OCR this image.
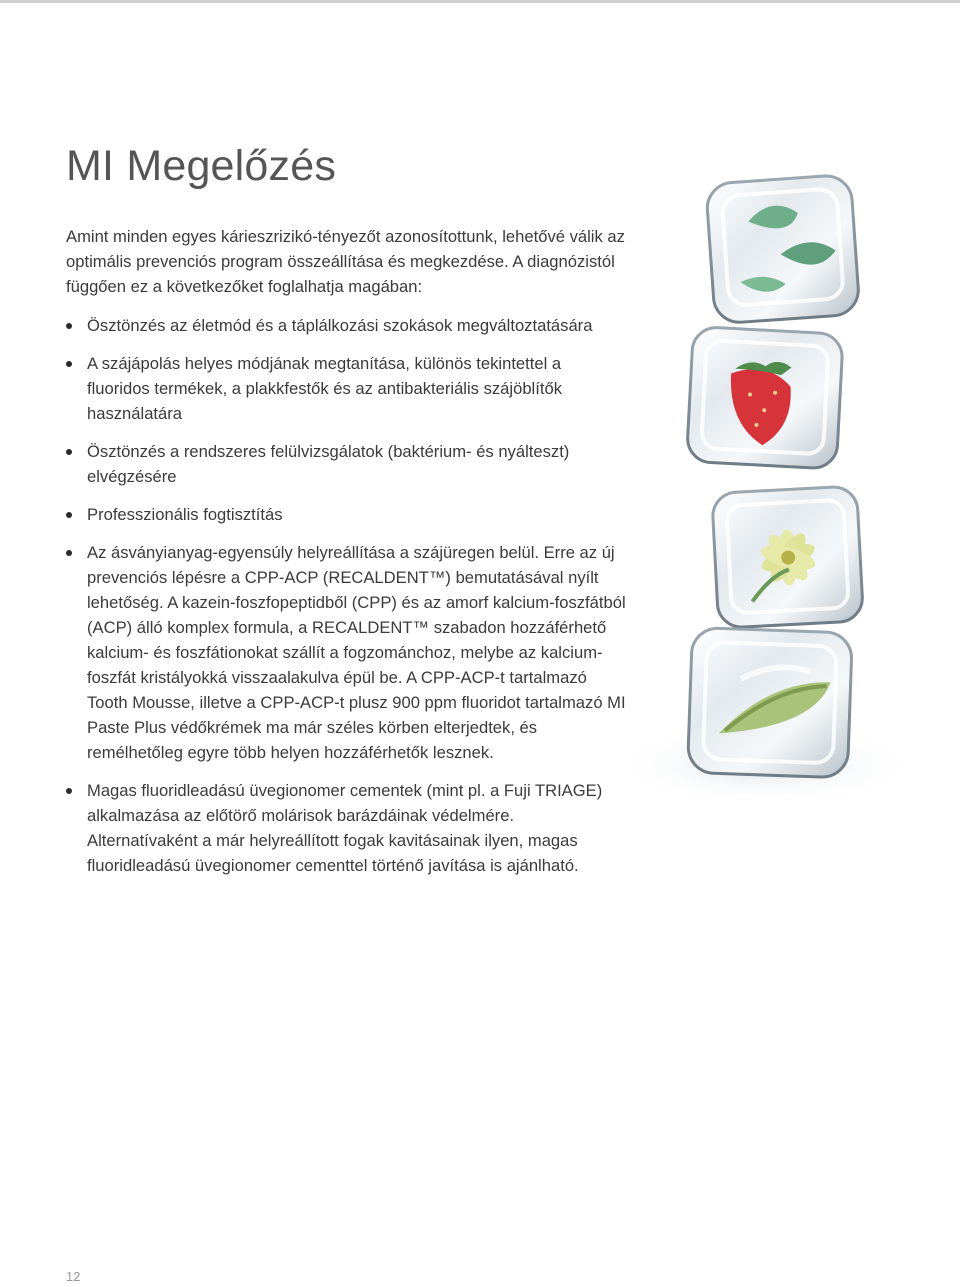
MI Megelőzés

Amint minden egyes kárieszrizikó-tényezőt azonosítottunk, lehetővé válik az optimális prevenciós program összeállítása és megkezdése. A diagnózistól függően ez a következőket foglalhatja magában:

Ösztönzés az életmód és a táplálkozási szokások megváltoztatására
A szájápolás helyes módjának megtanítása, különös tekintettel a fluoridos termékek, a plakkfestők és az antibakteriális szájöblítők használatára
Ösztönzés a rendszeres felülvizsgálatok (baktérium- és nyálteszt) elvégzésére
Professzionális fogtisztítás
Az ásványianyag-egyensúly helyreállítása a szájüregen belül. Erre az új prevenciós lépésre a CPP-ACP (RECALDENT™) bemutatásával nyílt lehetőség. A kazein-foszfopeptidből (CPP) és az amorf kalcium-foszfátból (ACP) álló komplex formula, a RECALDENT™ szabadon hozzáférhető kalcium- és foszfátionokat szállít a fogzománchoz, melybe az kalcium-foszfát kristályokká visszaalakulva épül be. A CPP-ACP-t tartalmazó Tooth Mousse, illetve a CPP-ACP-t plusz 900 ppm fluoridot tartalmazó MI Paste Plus védőkrémek ma már széles körben elterjedtek, és remélhetőleg egyre több helyen hozzáférhetők lesznek.
Magas fluoridleadású üvegionomer cementek (mint pl. a Fuji TRIAGE) alkalmazása az előtörő molárisok barázdáinak védelmére. Alternatívaként a már helyreállított fogak kavitásainak ilyen, magas fluoridleadású üvegionomer cementtel történő javítása is ajánlható.
12
